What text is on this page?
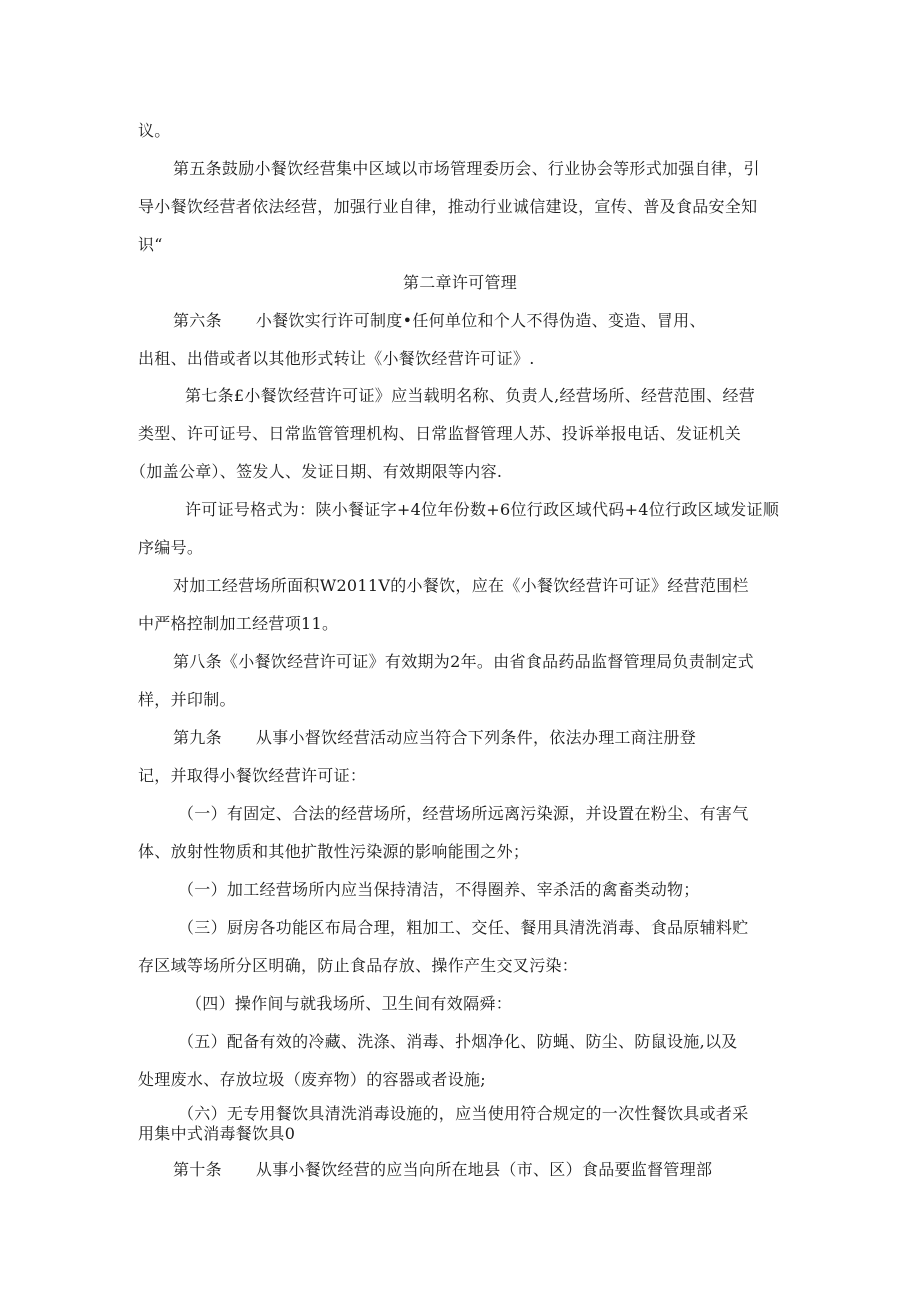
议。

第五条鼓励小餐饮经营集中区域以市场管理委历会、行业协会等形式加强自律，引

导小餐饮经营者依法经营，加强行业自律，推动行业诚信建设，宣传、普及食品安全知

识“

第二章许可管理

第六条 小餐饮实行许可制度•任何单位和个人不得伪造、变造、冒用、

出租、出借或者以其他形式转让《小餐饮经营许可证》.

第七条£小餐饮经营许可证》应当载明名称、负责人,经营场所、经营范围、经营

类型、许可证号、日常监管管理机构、日常监督管理人苏、投诉举报电话、发证机关

（加盖公章）、签发人、发证日期、有效期限等内容.

许可证号格式为：陕小餐证字+4位年份数+6位行政区域代码+4位行政区域发证顺

序编号。

对加工经营场所面积W2011V的小餐饮，应在《小餐饮经营许可证》经营范围栏

中严格控制加工经营项11。

第八条《小餐饮经营许可证》有效期为2年。由省食品药品监督管理局负责制定式

样，并印制。

第九条 从事小督饮经营活动应当符合下列条件，依法办理工商注册登

记，并取得小餐饮经营许可证：

（一）有固定、合法的经营场所，经营场所远离污染源，并设置在粉尘、有害气

体、放射性物质和其他扩散性污染源的影响能围之外；

（一）加工经营场所内应当保持清洁，不得圈养、宰杀活的禽畜类动物；

（三）厨房各功能区布局合理，粗加工、交任、餐用具清洗消毒、食品原辅料贮

存区域等场所分区明确，防止食品存放、操作产生交叉污染：

（四）操作间与就我场所、卫生间有效隔舜：

（五）配备有效的冷藏、洗涤、消毒、扑烟净化、防蝇、防尘、防鼠设施,以及

处理废水、存放垃圾（废弃物）的容器或者设施;

（六）无专用餐饮具清洗消毒设施的，应当使用符合规定的一次性餐饮具或者采

用集中式消毒餐饮具0

第十条 从事小餐饮经营的应当向所在地县（市、区）食品要监督管理部
